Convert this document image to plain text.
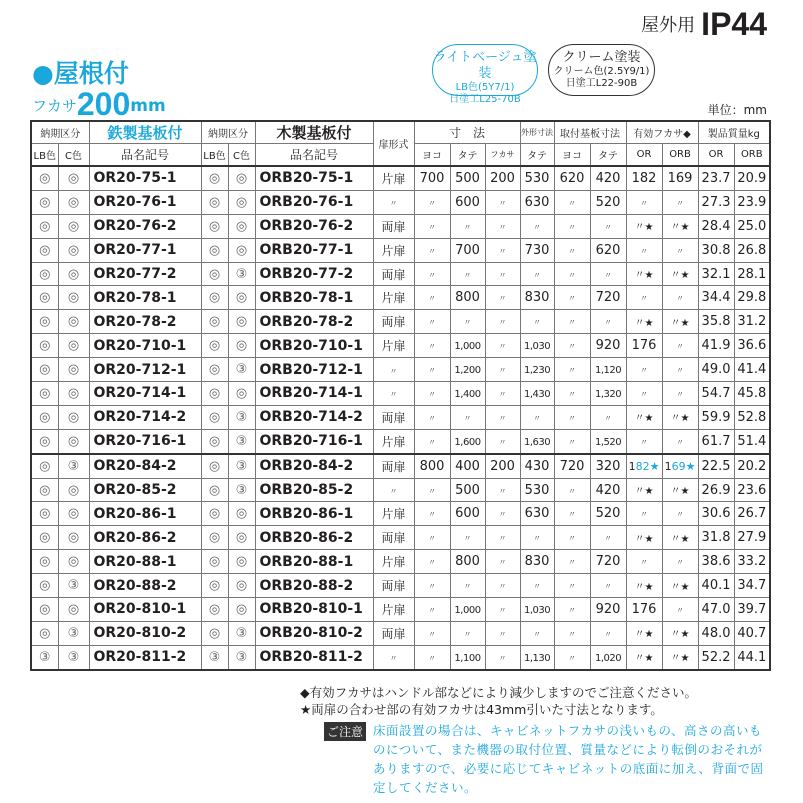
屋外用 IP44
●屋根付
フカサ200mm
ライトベージュ塗装
LB色(5Y7/1)
日塗工L25-70B
クリーム塗装
クリーム色(2.5Y9/1)
日塗工L22-90B
単位：mm
納期区分		鉄製基板付	納期区分		木製基板付	扉形式	寸　法			外形寸法	取付基板寸法		有効フカサ◆		製品質量kg	
LB色	C色	品名記号	LB色	C色	品名記号		ヨコ	タテ	フカサ	タテ	ヨコ	タテ	OR	ORB	OR	ORB
◎	◎	OR20-75-1	◎	◎	ORB20-75-1	片扉	700	500	200	530	620	420	182	169	23.7	20.9
◎	◎	OR20-76-1	◎	◎	ORB20-76-1	〃	〃	600	〃	630	〃	520	〃	〃	27.3	23.9
◎	◎	OR20-76-2	◎	◎	ORB20-76-2	両扉	〃	〃	〃	〃	〃	〃	〃★	〃★	28.4	25.0
◎	◎	OR20-77-1	◎	◎	ORB20-77-1	片扉	〃	700	〃	730	〃	620	〃	〃	30.8	26.8
◎	◎	OR20-77-2	◎	③	ORB20-77-2	両扉	〃	〃	〃	〃	〃	〃	〃★	〃★	32.1	28.1
◎	◎	OR20-78-1	◎	◎	ORB20-78-1	片扉	〃	800	〃	830	〃	720	〃	〃	34.4	29.8
◎	◎	OR20-78-2	◎	◎	ORB20-78-2	両扉	〃	〃	〃	〃	〃	〃	〃★	〃★	35.8	31.2
◎	◎	OR20-710-1	◎	◎	ORB20-710-1	片扉	〃	1,000	〃	1,030	〃	920	176	〃	41.9	36.6
◎	◎	OR20-712-1	◎	③	ORB20-712-1	〃	〃	1,200	〃	1,230	〃	1,120	〃	〃	49.0	41.4
◎	◎	OR20-714-1	◎	◎	ORB20-714-1	〃	〃	1,400	〃	1,430	〃	1,320	〃	〃	54.7	45.8
◎	◎	OR20-714-2	◎	③	ORB20-714-2	両扉	〃	〃	〃	〃	〃	〃	〃★	〃★	59.9	52.8
◎	◎	OR20-716-1	◎	③	ORB20-716-1	片扉	〃	1,600	〃	1,630	〃	1,520	〃	〃	61.7	51.4
◎	③	OR20-84-2	◎	③	ORB20-84-2	両扉	800	400	200	430	720	320	182★	169★	22.5	20.2
◎	◎	OR20-85-2	◎	③	ORB20-85-2	〃	〃	500	〃	530	〃	420	〃★	〃★	26.9	23.6
◎	◎	OR20-86-1	◎	◎	ORB20-86-1	片扉	〃	600	〃	630	〃	520	〃	〃	30.6	26.7
◎	◎	OR20-86-2	◎	◎	ORB20-86-2	両扉	〃	〃	〃	〃	〃	〃	〃★	〃★	31.8	27.9
◎	◎	OR20-88-1	◎	◎	ORB20-88-1	片扉	〃	800	〃	830	〃	720	〃	〃	38.6	33.2
◎	③	OR20-88-2	◎	◎	ORB20-88-2	両扉	〃	〃	〃	〃	〃	〃	〃★	〃★	40.1	34.7
◎	◎	OR20-810-1	◎	◎	ORB20-810-1	片扉	〃	1,000	〃	1,030	〃	920	176	〃	47.0	39.7
◎	③	OR20-810-2	◎	③	ORB20-810-2	両扉	〃	〃	〃	〃	〃	〃	〃★	〃★	48.0	40.7
③	③	OR20-811-2	③	③	ORB20-811-2	〃	〃	1,100	〃	1,130	〃	1,020	〃★	〃★	52.2	44.1
◆有効フカサはハンドル部などにより減少しますのでご注意ください。
★両扉の合わせ部の有効フカサは43mm引いた寸法となります。
ご注意 床面設置の場合は、キャビネットフカサの浅いもの、高さの高いものについて、また機器の取付位置、質量などにより転倒のおそれがありますので、必要に応じてキャビネットの底面に加え、背面で固定してください。
